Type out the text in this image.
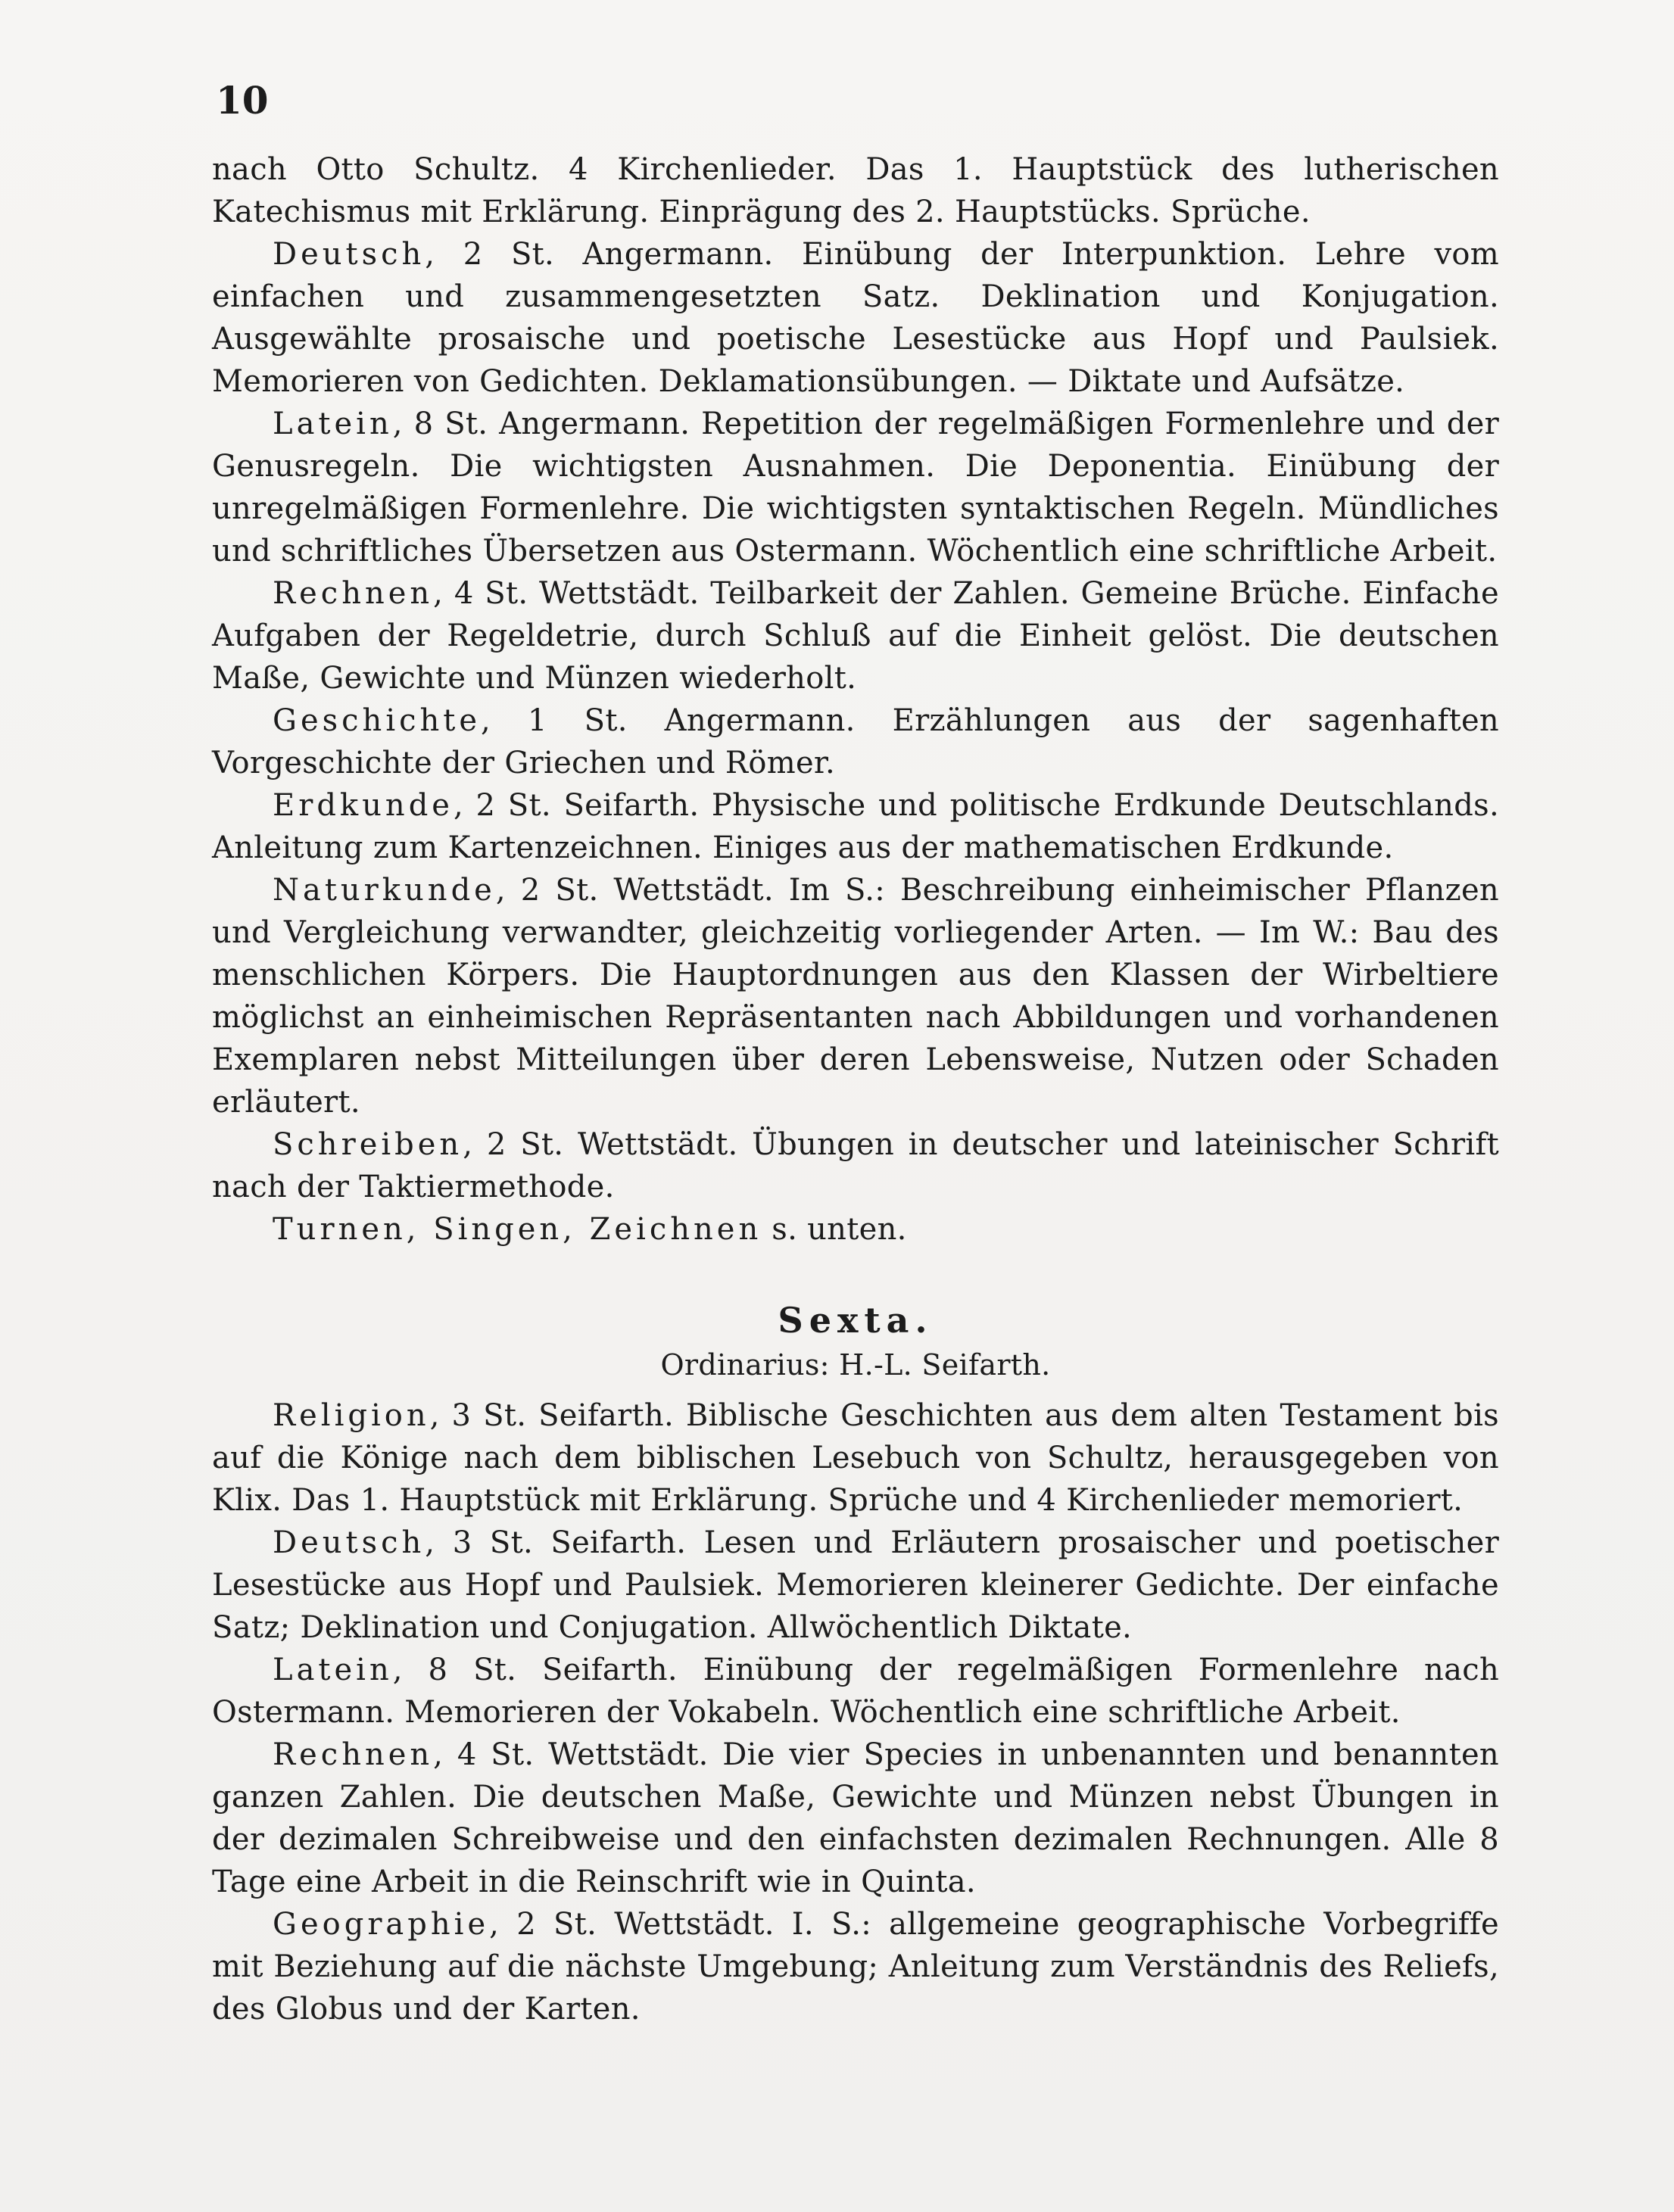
10

nach Otto Schultz. 4 Kirchenlieder. Das 1. Hauptstück des lutherischen Katechismus mit Erklärung. Einprägung des 2. Hauptstücks. Sprüche.

Deutsch, 2 St. Angermann. Einübung der Interpunktion. Lehre vom einfachen und zusammengesetzten Satz. Deklination und Konjugation. Ausgewählte prosaische und poetische Lesestücke aus Hopf und Paulsiek. Memorieren von Gedichten. Deklamationsübungen. — Diktate und Aufsätze.

Latein, 8 St. Angermann. Repetition der regelmäßigen Formenlehre und der Genusregeln. Die wichtigsten Ausnahmen. Die Deponentia. Einübung der unregelmäßigen Formenlehre. Die wichtigsten syntaktischen Regeln. Mündliches und schriftliches Übersetzen aus Ostermann. Wöchentlich eine schriftliche Arbeit.

Rechnen, 4 St. Wettstädt. Teilbarkeit der Zahlen. Gemeine Brüche. Einfache Aufgaben der Regeldetrie, durch Schluß auf die Einheit gelöst. Die deutschen Maße, Gewichte und Münzen wiederholt.

Geschichte, 1 St. Angermann. Erzählungen aus der sagenhaften Vorgeschichte der Griechen und Römer.

Erdkunde, 2 St. Seifarth. Physische und politische Erdkunde Deutschlands. Anleitung zum Kartenzeichnen. Einiges aus der mathematischen Erdkunde.

Naturkunde, 2 St. Wettstädt. Im S.: Beschreibung einheimischer Pflanzen und Vergleichung verwandter, gleichzeitig vorliegender Arten. — Im W.: Bau des menschlichen Körpers. Die Hauptordnungen aus den Klassen der Wirbeltiere möglichst an einheimischen Repräsentanten nach Abbildungen und vorhandenen Exemplaren nebst Mitteilungen über deren Lebensweise, Nutzen oder Schaden erläutert.

Schreiben, 2 St. Wettstädt. Übungen in deutscher und lateinischer Schrift nach der Taktiermethode.

Turnen, Singen, Zeichnen s. unten.

Sexta.
Ordinarius: H.-L. Seifarth.

Religion, 3 St. Seifarth. Biblische Geschichten aus dem alten Testament bis auf die Könige nach dem biblischen Lesebuch von Schultz, herausgegeben von Klix. Das 1. Hauptstück mit Erklärung. Sprüche und 4 Kirchenlieder memoriert.

Deutsch, 3 St. Seifarth. Lesen und Erläutern prosaischer und poetischer Lesestücke aus Hopf und Paulsiek. Memorieren kleinerer Gedichte. Der einfache Satz; Deklination und Conjugation. Allwöchentlich Diktate.

Latein, 8 St. Seifarth. Einübung der regelmäßigen Formenlehre nach Ostermann. Memorieren der Vokabeln. Wöchentlich eine schriftliche Arbeit.

Rechnen, 4 St. Wettstädt. Die vier Species in unbenannten und benannten ganzen Zahlen. Die deutschen Maße, Gewichte und Münzen nebst Übungen in der dezimalen Schreibweise und den einfachsten dezimalen Rechnungen. Alle 8 Tage eine Arbeit in die Reinschrift wie in Quinta.

Geographie, 2 St. Wettstädt. I. S.: allgemeine geographische Vorbegriffe mit Beziehung auf die nächste Umgebung; Anleitung zum Verständnis des Reliefs, des Globus und der Karten.
